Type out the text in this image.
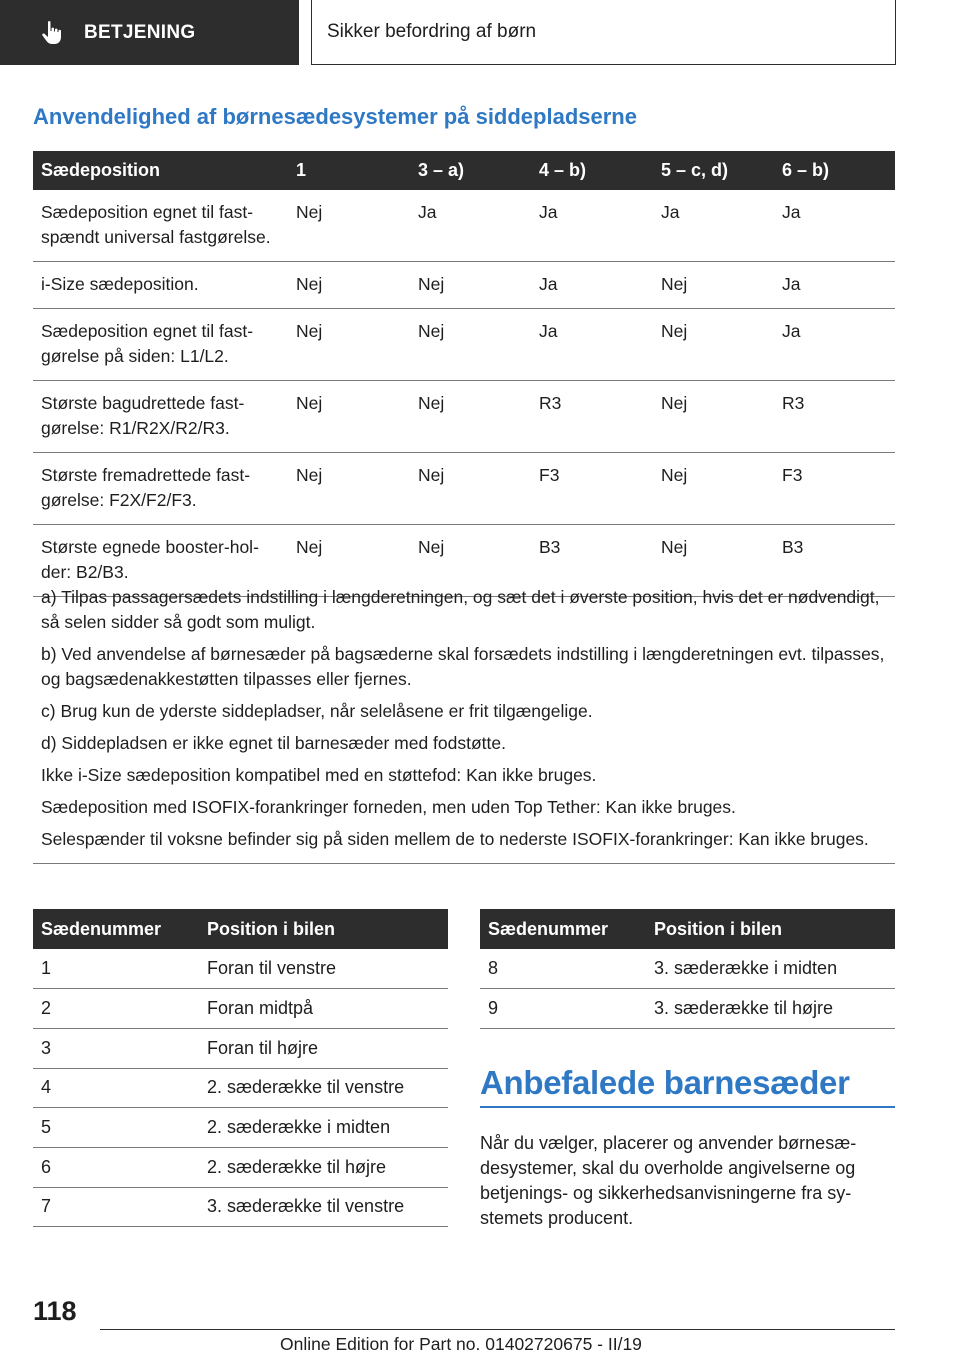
BETJENING	Sikker befordring af børn
Anvendelighed af børnesædesystemer på siddepladserne
Sædeposition	1	3 – a)	4 – b)	5 – c, d)	6 – b)
Sædeposition egnet til fastspændt universal fastgørelse.	Nej	Ja	Ja	Ja	Ja
i-Size sædeposition.	Nej	Nej	Ja	Nej	Ja
Sædeposition egnet til fastgørelse på siden: L1/L2.	Nej	Nej	Ja	Nej	Ja
Største bagudrettede fastgørelse: R1/R2X/R2/R3.	Nej	Nej	R3	Nej	R3
Største fremadrettede fastgørelse: F2X/F2/F3.	Nej	Nej	F3	Nej	F3
Største egnede booster-holder: B2/B3.	Nej	Nej	B3	Nej	B3

a) Tilpas passagersædets indstilling i længderetningen, og sæt det i øverste position, hvis det er nødvendigt, så selen sidder så godt som muligt.

b) Ved anvendelse af børnesæder på bagsæderne skal forsædets indstilling i længderetningen evt. tilpasses, og bagsædenakkestøtten tilpasses eller fjernes.

c) Brug kun de yderste siddepladser, når selelåsene er frit tilgængelige.

d) Siddepladsen er ikke egnet til barnesæder med fodstøtte.

Ikke i-Size sædeposition kompatibel med en støttefod: Kan ikke bruges.

Sædeposition med ISOFIX-forankringer forneden, men uden Top Tether: Kan ikke bruges.

Selespænder til voksne befinder sig på siden mellem de to nederste ISOFIX-forankringer: Kan ikke bruges.

Sædenummer	Position i bilen
1	Foran til venstre
2	Foran midtpå
3	Foran til højre
4	2. sæderække til venstre
5	2. sæderække i midten
6	2. sæderække til højre
7	3. sæderække til venstre
Sædenummer	Position i bilen
8	3. sæderække i midten
9	3. sæderække til højre
Anbefalede barnesæder

Når du vælger, placerer og anvender børnesædesystemer, skal du overholde angivelserne og betjenings- og sikkerhedsanvisningerne fra systemets producent.

118
Online Edition for Part no. 01402720675 - II/19
